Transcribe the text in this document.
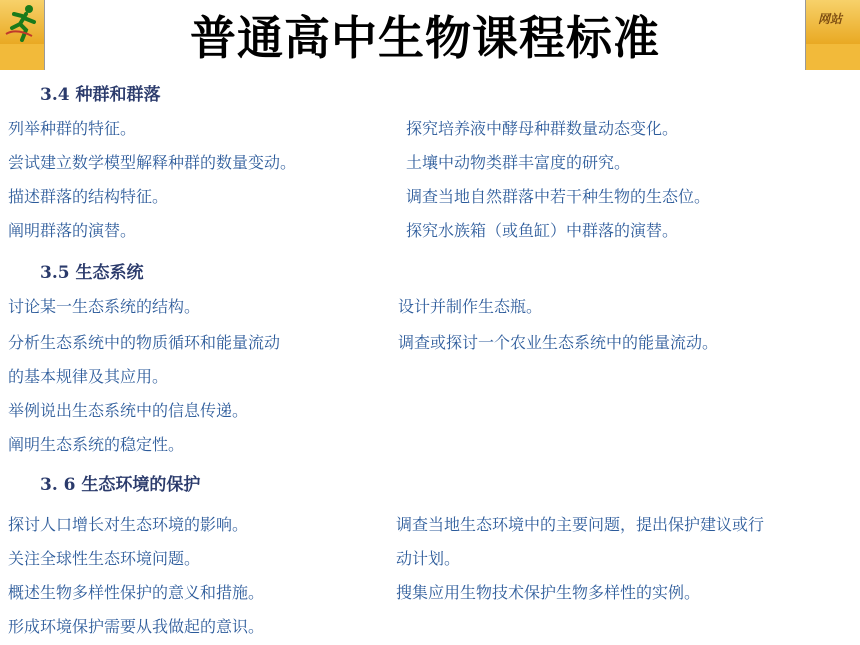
普通高中生物课程标准	网站
3.4 种群和群落
列举种群的特征。
尝试建立数学模型解释种群的数量变动。
描述群落的结构特征。
阐明群落的演替。
探究培养液中酵母种群数量动态变化。
土壤中动物类群丰富度的研究。
调查当地自然群落中若干种生物的生态位。
探究水族箱（或鱼缸）中群落的演替。
3.5 生态系统
讨论某一生态系统的结构。
分析生态系统中的物质循环和能量流动
的基本规律及其应用。
举例说出生态系统中的信息传递。
阐明生态系统的稳定性。
设计并制作生态瓶。
调查或探讨一个农业生态系统中的能量流动。
3. 6 生态环境的保护
探讨人口增长对生态环境的影响。
关注全球性生态环境问题。
概述生物多样性保护的意义和措施。
形成环境保护需要从我做起的意识。
调查当地生态环境中的主要问题，提出保护建议或行
动计划。
搜集应用生物技术保护生物多样性的实例。
